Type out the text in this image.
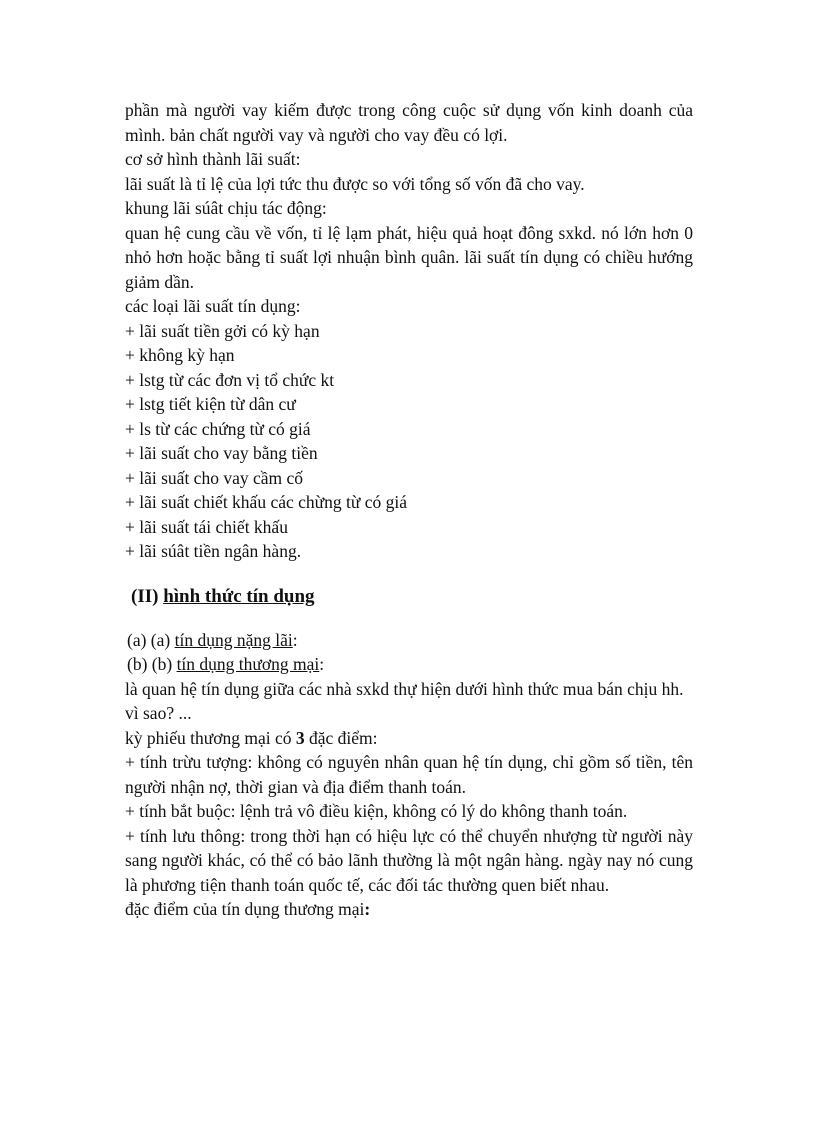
phần mà người vay kiếm được trong công cuộc sử dụng vốn kinh doanh của mình. bản chất người vay và người cho vay đều có lợi.

cơ sở hình thành lãi suất:

lãi suất là tỉ lệ của lợi tức thu được so với tổng số vốn đã cho vay.

khung lãi súât chịu tác động:

quan hệ cung cầu về vốn, tỉ lệ lạm phát, hiệu quả hoạt đông sxkd. nó lớn hơn 0 nhỏ hơn hoặc bằng tỉ suất lợi nhuận bình quân. lãi suất tín dụng có chiều hướng giảm dần.

các loại lãi suất tín dụng:

+ lãi suất tiền gởi có kỳ hạn

+ không kỳ hạn

+ lstg từ các đơn vị tổ chức kt

+ lstg tiết kiện từ dân cư

+ ls từ các chứng từ có giá

+ lãi suất cho vay bằng tiền

+ lãi suất cho vay cầm cố

+ lãi suất chiết khấu các chừng từ có giá

+ lãi suất tái chiết khấu

+ lãi súât tiền ngân hàng.

(II) hình thức tín dụng

(a) (a) tín dụng nặng lãi:

(b) (b) tín dụng thương mại:

là quan hệ tín dụng giữa các nhà sxkd thự hiện dưới hình thức mua bán chịu hh.

vì sao? ...

kỳ phiếu thương mại có 3 đặc điểm:

+ tính trừu tượng: không có nguyên nhân quan hệ tín dụng, chỉ gồm số tiền, tên người nhận nợ, thời gian và địa điểm thanh toán.

+ tính bắt buộc: lệnh trả vô điều kiện, không có lý do không thanh toán.

+ tính lưu thông: trong thời hạn có hiệu lực có thể chuyển nhượng từ người này sang người khác, có thể có bảo lãnh thường là một ngân hàng. ngày nay nó cung là phương tiện thanh toán quốc tế, các đối tác thường quen biết nhau.

đặc điểm của tín dụng thương mại:
